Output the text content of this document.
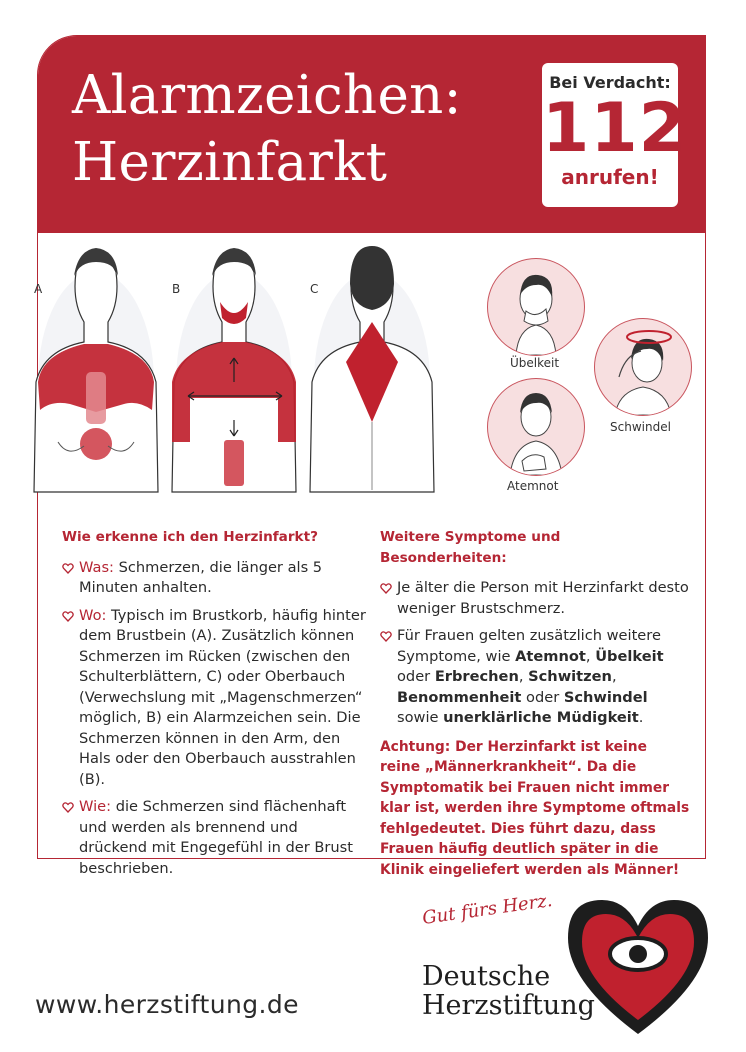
Alarmzeichen:
Herzinfarkt
Bei Verdacht:
112
anrufen!
A	B	C
Übelkeit
Schwindel
Atemnot
Wie erkenne ich den Herzinfarkt?
Was: Schmerzen, die länger als 5 Minuten anhalten.
Wo: Typisch im Brustkorb, häufig hinter dem Brustbein (A). Zusätzlich können Schmerzen im Rücken (zwischen den Schulterblättern, C) oder Oberbauch (Verwechslung mit „Magenschmerzen“ möglich, B) ein Alarmzeichen sein. Die Schmerzen können in den Arm, den Hals oder den Oberbauch ausstrahlen (B).
Wie: die Schmerzen sind flächenhaft und werden als brennend und drückend mit Engegefühl in der Brust beschrieben.
Weitere Symptome und Besonderheiten:
Je älter die Person mit Herzinfarkt desto weniger Brustschmerz.
Für Frauen gelten zusätzlich weitere Symptome, wie Atemnot, Übelkeit oder Erbrechen, Schwitzen, Benommenheit oder Schwindel sowie unerklärliche Müdigkeit.
Achtung: Der Herzinfarkt ist keine reine „Männerkrankheit“. Da die Symptomatik bei Frauen nicht immer klar ist, werden ihre Symptome oftmals fehlgedeutet. Dies führt dazu, dass Frauen häufig deutlich später in die Klinik eingeliefert werden als Männer!
www.herzstiftung.de
Gut fürs Herz.
Deutsche
Herzstiftung
